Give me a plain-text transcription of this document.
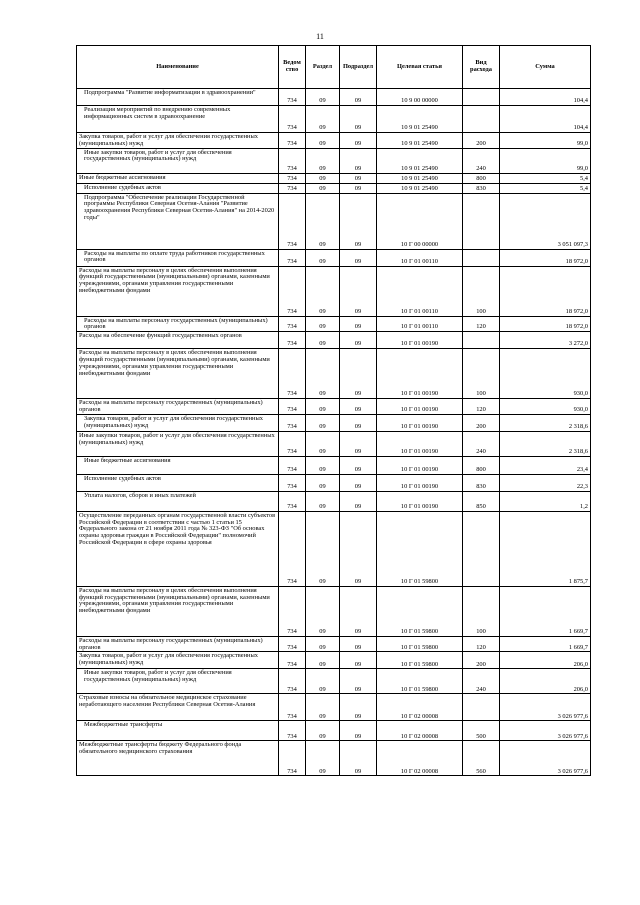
11
Наименование	Ведом ство	Раздел	Подраздел	Целевая статья	Вид расхода	Сумма
Подпрограмма "Развитие информатизации в здравоохранении"	734	09	09	10 9 00 00000		104,4
Реализация мероприятий по внедрению современных информационных систем в здравоохранение	734	09	09	10 9 01 25490		104,4
Закупка товаров, работ и услуг для обеспечения государственных (муниципальных) нужд	734	09	09	10 9 01 25490	200	99,0
Иные закупки товаров, работ и услуг для обеспечения государственных (муниципальных) нужд	734	09	09	10 9 01 25490	240	99,0
Иные бюджетные ассигнования	734	09	09	10 9 01 25490	800	5,4
Исполнение судебных актов	734	09	09	10 9 01 25490	830	5,4
Подпрограмма "Обеспечение реализации Государственной программы Республики Северная Осетия-Алания "Развитие здравоохранения Республики Северная Осетия-Алания" на 2014-2020 годы"	734	09	09	10 Г 00 00000		3 051 097,3
Расходы на выплаты по оплате труда работников государственных органов	734	09	09	10 Г 01 00110		18 972,0
Расходы на выплаты персоналу в целях обеспечения выполнения функций государственными (муниципальными) органами, казенными учреждениями, органами управления государственными внебюджетными фондами	734	09	09	10 Г 01 00110	100	18 972,0
Расходы на выплаты персоналу государственных (муниципальных) органов	734	09	09	10 Г 01 00110	120	18 972,0
Расходы на обеспечение функций государственных органов	734	09	09	10 Г 01 00190		3 272,0
Расходы на выплаты персоналу в целях обеспечения выполнения функций государственными (муниципальными) органами, казенными учреждениями, органами управления государственными внебюджетными фондами	734	09	09	10 Г 01 00190	100	930,0
Расходы на выплаты персоналу государственных (муниципальных) органов	734	09	09	10 Г 01 00190	120	930,0
Закупка товаров, работ и услуг для обеспечения государственных (муниципальных) нужд	734	09	09	10 Г 01 00190	200	2 318,6
Иные закупки товаров, работ и услуг для обеспечения государственных (муниципальных) нужд	734	09	09	10 Г 01 00190	240	2 318,6
Иные бюджетные ассигнования	734	09	09	10 Г 01 00190	800	23,4
Исполнение судебных актов	734	09	09	10 Г 01 00190	830	22,3
Уплата налогов, сборов и иных платежей	734	09	09	10 Г 01 00190	850	1,2
Осуществление переданных органам государственной власти субъектов Российской Федерации в соответствии с частью 1 статьи 15 Федерального закона от 21 ноября 2011 года № 323-ФЗ "Об основах охраны здоровья граждан в Российской Федерации" полномочий Российской Федерации в сфере охраны здоровья	734	09	09	10 Г 01 59800		1 875,7
Расходы на выплаты персоналу в целях обеспечения выполнения функций государственными (муниципальными) органами, казенными учреждениями, органами управления государственными внебюджетными фондами	734	09	09	10 Г 01 59800	100	1 669,7
Расходы на выплаты персоналу государственных (муниципальных) органов	734	09	09	10 Г 01 59800	120	1 669,7
Закупка товаров, работ и услуг для обеспечения государственных (муниципальных) нужд	734	09	09	10 Г 01 59800	200	206,0
Иные закупки товаров, работ и услуг для обеспечения государственных (муниципальных) нужд	734	09	09	10 Г 01 59800	240	206,0
Страховые взносы на обязательное медицинское страхование неработающего населения Республики Северная Осетия-Алания	734	09	09	10 Г 02 00008		3 026 977,6
Межбюджетные трансферты	734	09	09	10 Г 02 00008	500	3 026 977,6
Межбюджетные трансферты бюджету Федерального фонда обязательного медицинского страхования	734	09	09	10 Г 02 00008	560	3 026 977,6
